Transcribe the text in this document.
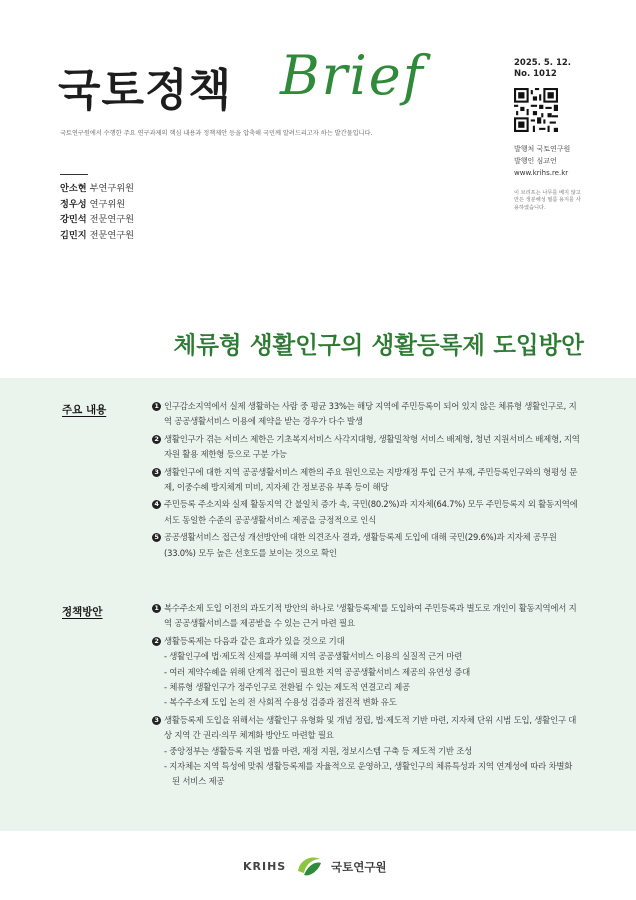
국토정책 Brief
국토연구원에서 수행한 주요 연구과제의 핵심 내용과 정책제안 등을 압축해 국민께 알려드리고자 하는 발간물입니다.
2025. 5. 12.
No. 1012
발행처 국토연구원
발행인 심교언
www.krihs.re.kr
이 브리프는 나무를 베지 않고 만든 생분해성 필름 용지를 사용하였습니다.
안소현 부연구위원
정우성 연구위원
강민석 전문연구원
김민지 전문연구원
체류형 생활인구의 생활등록제 도입방안
주요 내용	1 인구감소지역에서 실제 생활하는 사람 중 평균 33%는 해당 지역에 주민등록이 되어 있지 않은 체류형 생활인구로, 지역 공공생활서비스 이용에 제약을 받는 경우가 다수 발생
2 생활인구가 겪는 서비스 제한은 기초복지서비스 사각지대형, 생활밀착형 서비스 배제형, 청년 지원서비스 배제형, 지역자원 활용 제한형 등으로 구분 가능
3 생활인구에 대한 지역 공공생활서비스 제한의 주요 원인으로는 지방재정 투입 근거 부재, 주민등록인구와의 형평성 문제, 이중수혜 방지체계 미비, 지자체 간 정보공유 부족 등이 해당
4 주민등록 주소지와 실제 활동지역 간 불일치 증가 속, 국민(80.2%)과 지자체(64.7%) 모두 주민등록지 외 활동지역에서도 동일한 수준의 공공생활서비스 제공을 긍정적으로 인식
5 공공생활서비스 접근성 개선방안에 대한 의견조사 결과, 생활등록제 도입에 대해 국민(29.6%)과 지자체 공무원(33.0%) 모두 높은 선호도를 보이는 것으로 확인
정책방안	1 복수주소제 도입 이전의 과도기적 방안의 하나로 '생활등록제'를 도입하여 주민등록과 별도로 개인이 활동지역에서 지역 공공생활서비스를 제공받을 수 있는 근거 마련 필요
2 생활등록제는 다음과 같은 효과가 있을 것으로 기대
- 생활인구에 법·제도적 신제를 부여해 지역 공공생활서비스 이용의 실질적 근거 마련
- 여러 제약수혜을 위해 단계적 접근이 필요한 지역 공공생활서비스 제공의 유연성 증대
- 체류형 생활인구가 정주인구로 전환될 수 있는 제도적 연결고리 제공
- 복수주소제 도입 논의 전 사회적 수용성 검증과 점진적 변화 유도
3 생활등록제 도입을 위해서는 생활인구 유형화 및 개념 정립, 법·제도적 기반 마련, 지자체 단위 시범 도입, 생활인구 대상 지역 간 권리·의무 체계화 방안도 마련할 필요
- 중앙정부는 생활등록 지원 법률 마련, 재정 지원, 정보시스템 구축 등 제도적 기반 조성
- 지자체는 지역 특성에 맞춰 생활등록제를 자율적으로 운영하고, 생활인구의 체류특성과 지역 연계성에 따라 차별화된 서비스 제공
KRIHS	국토연구원
